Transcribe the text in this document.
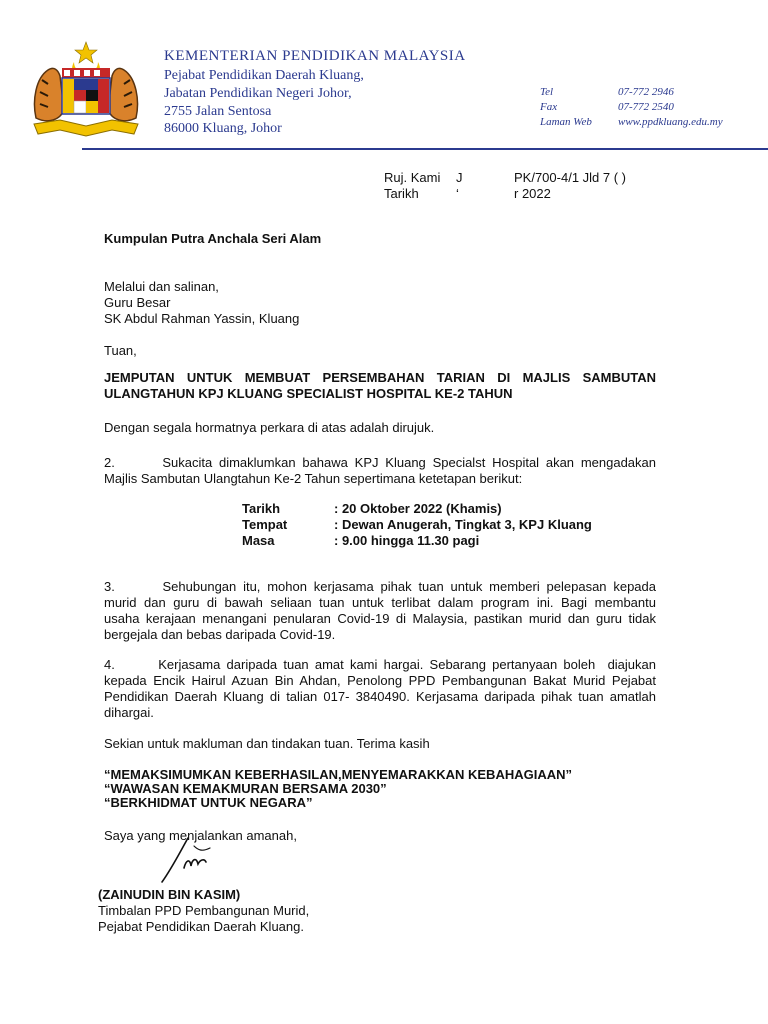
KEMENTERIAN PENDIDIKAN MALAYSIA
Pejabat Pendidikan Daerah Kluang,
Jabatan Pendidikan Negeri Johor,
2755 Jalan Sentosa
86000 Kluang, Johor
Tel	07-772 2946
Fax	07-772 2540
Laman Web www.ppdkluang.edu.my
Ruj. Kami J	PK/700-4/1 Jld 7 ( )
Tarikh	‘	r 2022
Kumpulan Putra Anchala Seri Alam
Melalui dan salinan,
Guru Besar
SK Abdul Rahman Yassin, Kluang
Tuan,
JEMPUTAN UNTUK MEMBUAT PERSEMBAHAN TARIAN DI MAJLIS SAMBUTAN
ULANGTAHUN KPJ KLUANG SPECIALIST HOSPITAL KE-2 TAHUN
Dengan segala hormatnya perkara di atas adalah dirujuk.
2.       Sukacita dimaklumkan bahawa KPJ Kluang Specialst Hospital akan mengadakan
Majlis Sambutan Ulangtahun Ke-2 Tahun sepertimana ketetapan berikut:
Tarikh	: 20 Oktober 2022 (Khamis)
Tempat	: Dewan Anugerah, Tingkat 3, KPJ Kluang
Masa	: 9.00 hingga 11.30 pagi
3.       Sehubungan itu, mohon kerjasama pihak tuan untuk memberi pelepasan kepada
murid dan guru di bawah seliaan tuan untuk terlibat dalam program ini. Bagi membantu
usaha kerajaan menangani penularan Covid-19 di Malaysia, pastikan murid dan guru tidak
bergejala dan bebas daripada Covid-19.
4.       Kerjasama daripada tuan amat kami hargai. Sebarang pertanyaan boleh  diajukan
kepada Encik Hairul Azuan Bin Ahdan, Penolong PPD Pembangunan Bakat Murid Pejabat
Pendidikan Daerah Kluang di talian 017- 3840490. Kerjasama daripada pihak tuan amatlah
dihargai.
Sekian untuk makluman dan tindakan tuan. Terima kasih
“MEMAKSIMUMKAN KEBERHASILAN,MENYEMARAKKAN KEBAHAGIAAN”
“WAWASAN KEMAKMURAN BERSAMA 2030”
“BERKHIDMAT UNTUK NEGARA”
Saya yang menjalankan amanah,
(ZAINUDIN BIN KASIM)
Timbalan PPD Pembangunan Murid,
Pejabat Pendidikan Daerah Kluang.
